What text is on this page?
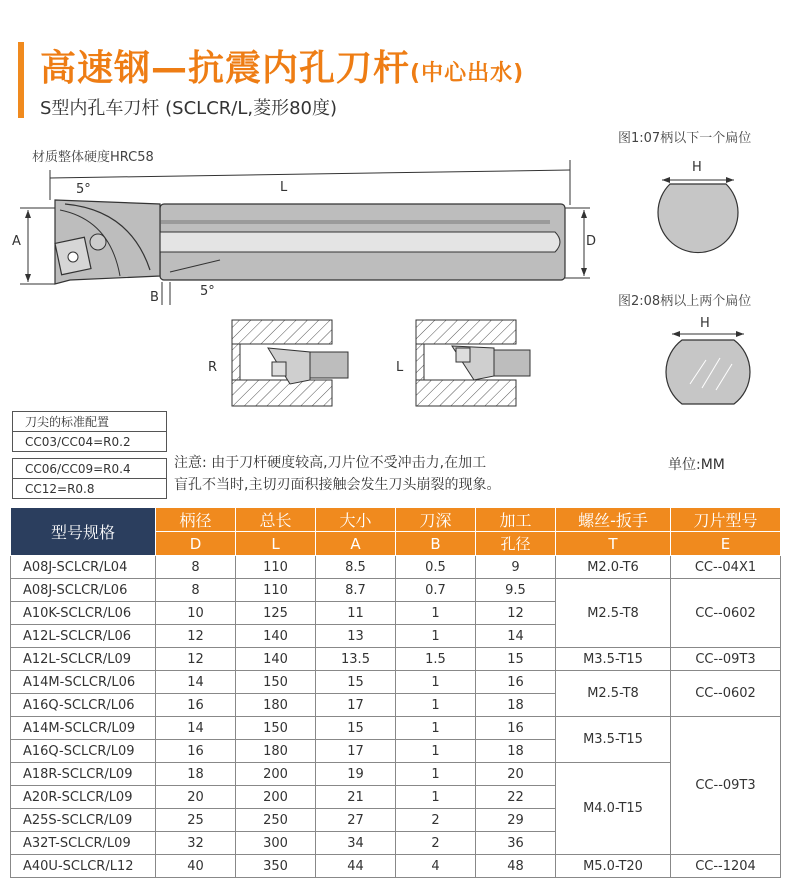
高速钢—抗震内孔刀杆(中心出水)
S型内孔车刀杆 (SCLCR/L,菱形80度)
材质整体硬度HRC58
5°	L
A	D
B	5°
R	L
图1:07柄以下一个扁位
H
图2:08柄以上两个扁位
H
刀尖的标准配置
CC03/CC04=R0.2
CC06/CC09=R0.4
CC12=R0.8
注意: 由于刀杆硬度较高,刀片位不受冲击力,在加工
盲孔不当时,主切刃面积接触会发生刀头崩裂的现象。
单位:MM
型号规格	柄径	总长	大小	刀深	加工	螺丝-扳手	刀片型号
	D	L	A	B	孔径	T	E
A08J-SCLCR/L04	8	110	8.5	0.5	9	M2.0-T6	CC--04X1
A08J-SCLCR/L06	8	110	8.7	0.7	9.5	M2.5-T8	CC--0602
A10K-SCLCR/L06	10	125	11	1	12		
A12L-SCLCR/L06	12	140	13	1	14		
A12L-SCLCR/L09	12	140	13.5	1.5	15	M3.5-T15	CC--09T3
A14M-SCLCR/L06	14	150	15	1	16	M2.5-T8	CC--0602
A16Q-SCLCR/L06	16	180	17	1	18		
A14M-SCLCR/L09	14	150	15	1	16	M3.5-T15	CC--09T3
A16Q-SCLCR/L09	16	180	17	1	18		
A18R-SCLCR/L09	18	200	19	1	20	M4.0-T15	
A20R-SCLCR/L09	20	200	21	1	22		
A25S-SCLCR/L09	25	250	27	2	29		
A32T-SCLCR/L09	32	300	34	2	36		
A40U-SCLCR/L12	40	350	44	4	48	M5.0-T20	CC--1204
